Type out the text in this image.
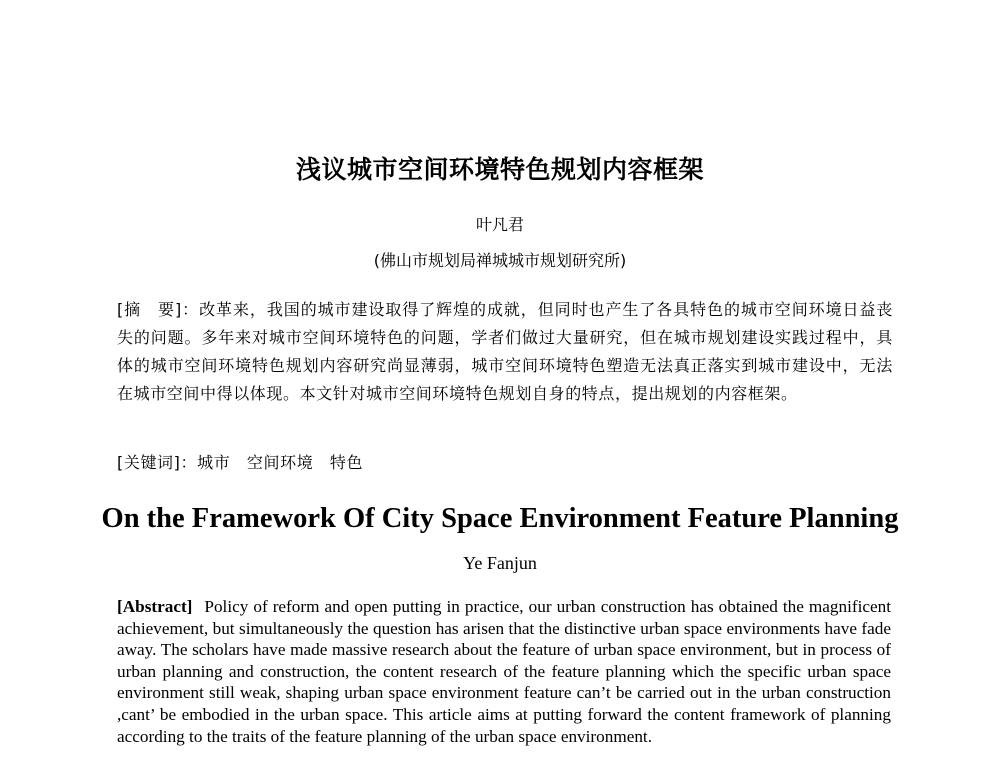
浅议城市空间环境特色规划内容框架
叶凡君
(佛山市规划局禅城城市规划研究所)
[摘　要]：改革来，我国的城市建设取得了辉煌的成就，但同时也产生了各具特色的城市空间环境日益丧失的问题。多年来对城市空间环境特色的问题，学者们做过大量研究，但在城市规划建设实践过程中，具体的城市空间环境特色规划内容研究尚显薄弱，城市空间环境特色塑造无法真正落实到城市建设中，无法在城市空间中得以体现。本文针对城市空间环境特色规划自身的特点，提出规划的内容框架。
[关键词]：城市　空间环境　特色
On the Framework Of City Space Environment Feature Planning
Ye Fanjun
[Abstract] Policy of reform and open putting in practice, our urban construction has obtained the magnificent achievement, but simultaneously the question has arisen that the distinctive urban space environments have fade away. The scholars have made massive research about the feature of urban space environment, but in process of urban planning and construction, the content research of the feature planning which the specific urban space environment still weak, shaping urban space environment feature can’t be carried out in the urban construction ,cant’ be embodied in the urban space. This article aims at putting forward the content framework of planning according to the traits of the feature planning of the urban space environment.
